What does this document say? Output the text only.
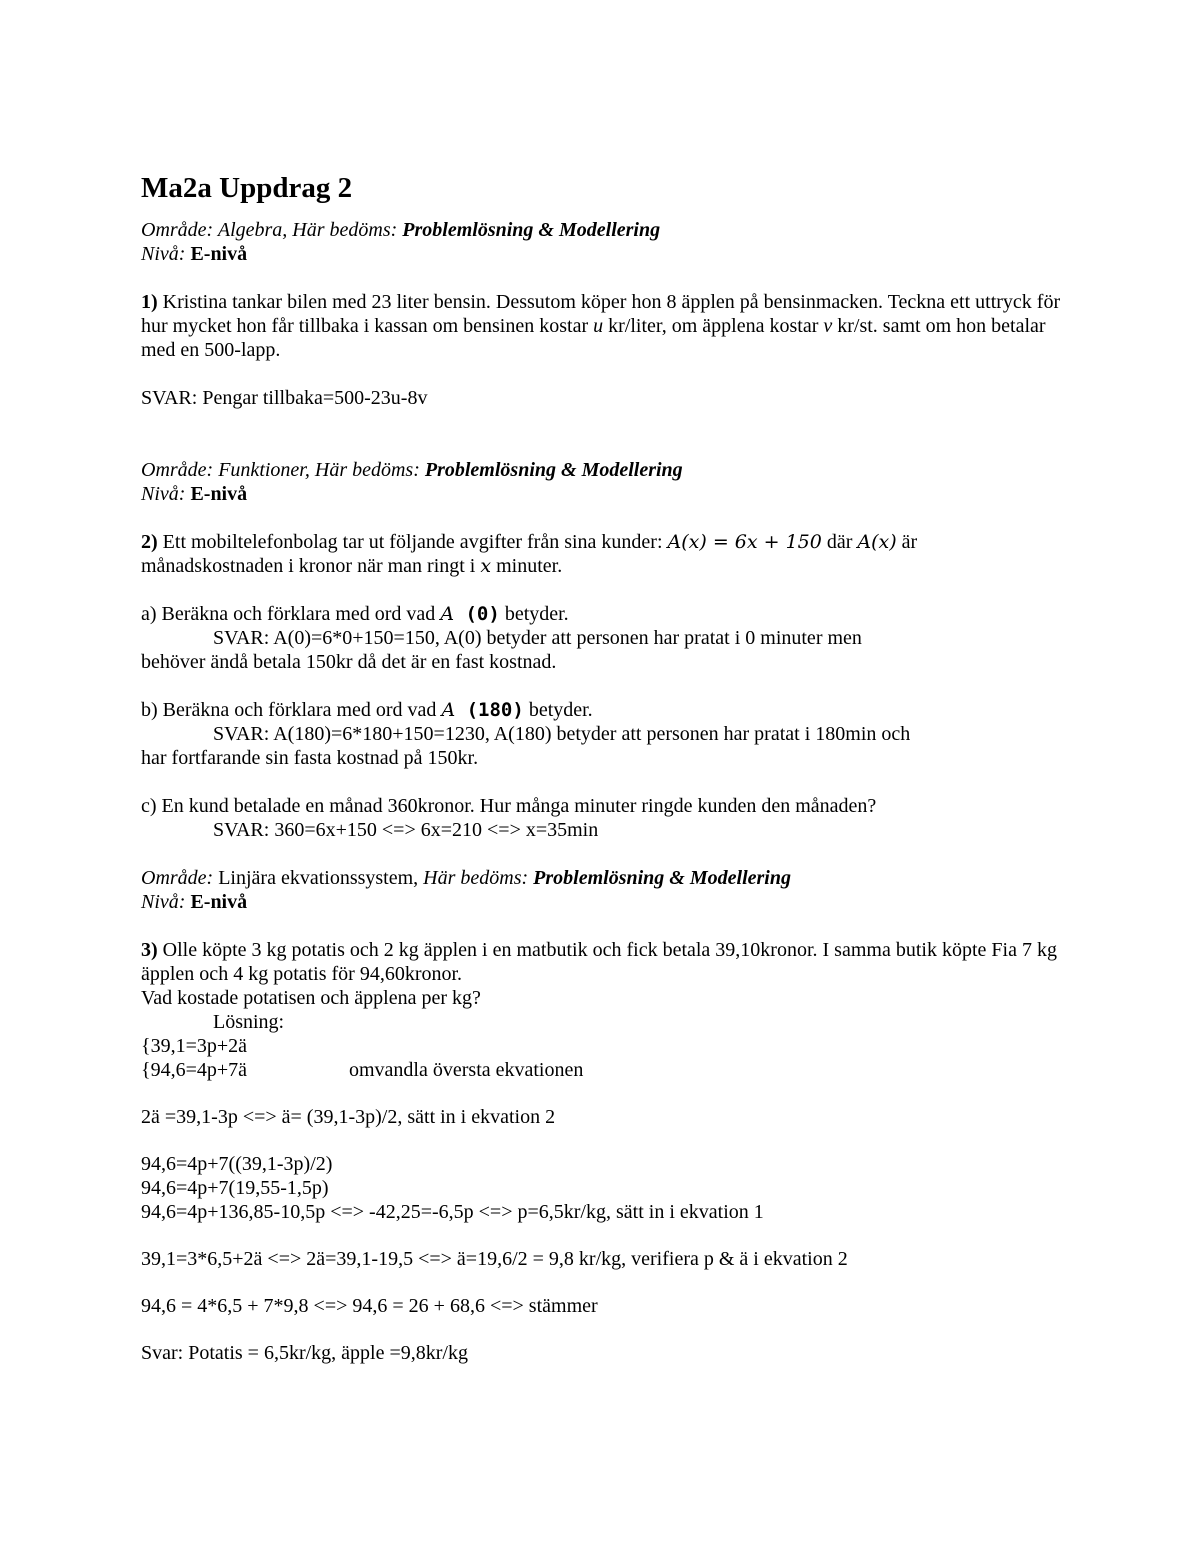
Ma2a Uppdrag 2

Område: Algebra, Här bedöms: Problemlösning & Modellering

Nivå: E-nivå

1) Kristina tankar bilen med 23 liter bensin. Dessutom köper hon 8 äpplen på bensinmacken. Teckna ett uttryck för hur mycket hon får tillbaka i kassan om bensinen kostar u kr/liter, om äpplena kostar v kr/st. samt om hon betalar med en 500-lapp.

SVAR: Pengar tillbaka=500-23u-8v

Område: Funktioner, Här bedöms: Problemlösning & Modellering

Nivå: E-nivå

2) Ett mobiltelefonbolag tar ut följande avgifter från sina kunder: A(x) = 6x + 150 där A(x) är månadskostnaden i kronor när man ringt i x minuter.

a) Beräkna och förklara med ord vad A (0) betyder.

SVAR: A(0)=6*0+150=150, A(0) betyder att personen har pratat i 0 minuter men

behöver ändå betala 150kr då det är en fast kostnad.

b) Beräkna och förklara med ord vad A (180) betyder.

SVAR: A(180)=6*180+150=1230, A(180) betyder att personen har pratat i 180min och

har fortfarande sin fasta kostnad på 150kr.

c) En kund betalade en månad 360kronor. Hur många minuter ringde kunden den månaden?

SVAR: 360=6x+150 <=> 6x=210 <=> x=35min

Område: Linjära ekvationssystem, Här bedöms: Problemlösning & Modellering

Nivå: E-nivå

3) Olle köpte 3 kg potatis och 2 kg äpplen i en matbutik och fick betala 39,10kronor. I samma butik köpte Fia 7 kg äpplen och 4 kg potatis för 94,60kronor.

Vad kostade potatisen och äpplena per kg?

Lösning:

{39,1=3p+2ä

{94,6=4p+7ä	omvandla översta ekvationen

2ä =39,1-3p <=> ä= (39,1-3p)/2, sätt in i ekvation 2

94,6=4p+7((39,1-3p)/2)

94,6=4p+7(19,55-1,5p)

94,6=4p+136,85-10,5p <=> -42,25=-6,5p <=> p=6,5kr/kg, sätt in i ekvation 1

39,1=3*6,5+2ä <=> 2ä=39,1-19,5 <=> ä=19,6/2 = 9,8 kr/kg, verifiera p & ä i ekvation 2

94,6 = 4*6,5 + 7*9,8 <=> 94,6 = 26 + 68,6 <=> stämmer

Svar: Potatis = 6,5kr/kg, äpple =9,8kr/kg
